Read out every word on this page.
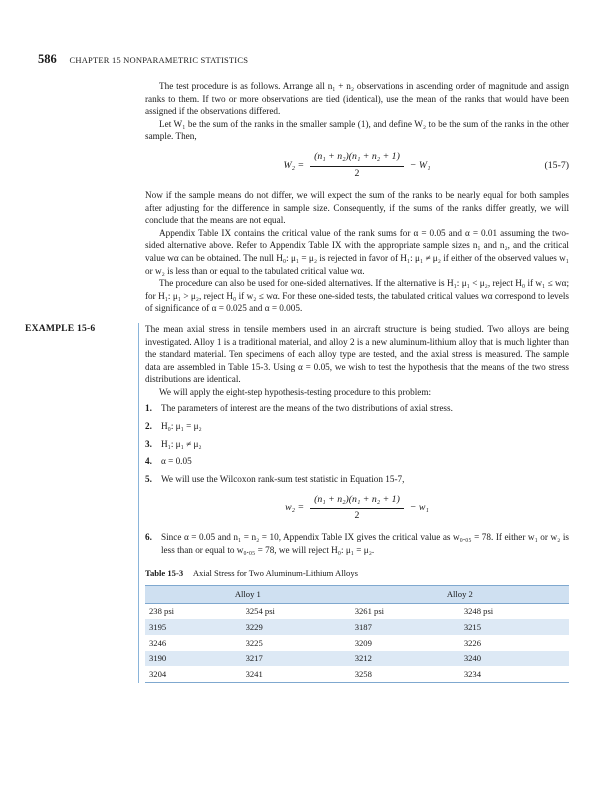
586 CHAPTER 15 NONPARAMETRIC STATISTICS

The test procedure is as follows. Arrange all n₁ + n₂ observations in ascending order of magnitude and assign ranks to them. If two or more observations are tied (identical), use the mean of the ranks that would have been assigned if the observations differed.

Let W₁ be the sum of the ranks in the smaller sample (1), and define W₂ to be the sum of the ranks in the other sample. Then,

$W_2 = \frac{\text{(n₁ + n₂)(n₁ + n₂ + 1)}}{2} - W_1$	(15-7)

Now if the sample means do not differ, we will expect the sum of the ranks to be nearly equal for both samples after adjusting for the difference in sample size. Consequently, if the sums of the ranks differ greatly, we will conclude that the means are not equal.

Appendix Table IX contains the critical value of the rank sums for α = 0.05 and α = 0.01 assuming the two-sided alternative above. Refer to Appendix Table IX with the appropriate sample sizes n₁ and n₂, and the critical value wα can be obtained. The null H₀: μ₁ = μ₂ is rejected in favor of H₁: μ₁ ≠ μ₂ if either of the observed values w₁ or w₂ is less than or equal to the tabulated critical value wα.

The procedure can also be used for one-sided alternatives. If the alternative is H₁: μ₁ < μ₂, reject H₀ if w₁ ≤ wα; for H₁: μ₁ > μ₂, reject H₀ if w₂ ≤ wα. For these one-sided tests, the tabulated critical values wα correspond to levels of significance of α = 0.025 and α = 0.005.

EXAMPLE 15-6	The mean axial stress in tensile members used in an aircraft structure is being studied. Two alloys are being investigated. Alloy 1 is a traditional material, and alloy 2 is a new aluminum-lithium alloy that is much lighter than the standard material. Ten specimens of each alloy type are tested, and the axial stress is measured. The sample data are assembled in Table 15-3. Using α = 0.05, we wish to test the hypothesis that the means of the two stress distributions are identical.

We will apply the eight-step hypothesis-testing procedure to this problem:

1. The parameters of interest are the means of the two distributions of axial stress.
2. H₀: μ₁ = μ₂
3. H₁: μ₁ ≠ μ₂
4. α = 0.05
5. We will use the Wilcoxon rank-sum test statistic in Equation 15-7,
$w_2 = \frac{\text{(n₁ + n₂)(n₁ + n₂ + 1)}}{2} - w_1$
6. Since α = 0.05 and n₁ = n₂ = 10, Appendix Table IX gives the critical value as w₀.₀₅ = 78. If either w₁ or w₂ is less than or equal to w₀.₀₅ = 78, we will reject H₀: μ₁ = μ₂.
Table 15-3 Axial Stress for Two Aluminum-Lithium Alloys
Alloy 1		Alloy 2	
238 psi	3254 psi	3261 psi	3248 psi
3195	3229	3187	3215
3246	3225	3209	3226
3190	3217	3212	3240
3204	3241	3258	3234
